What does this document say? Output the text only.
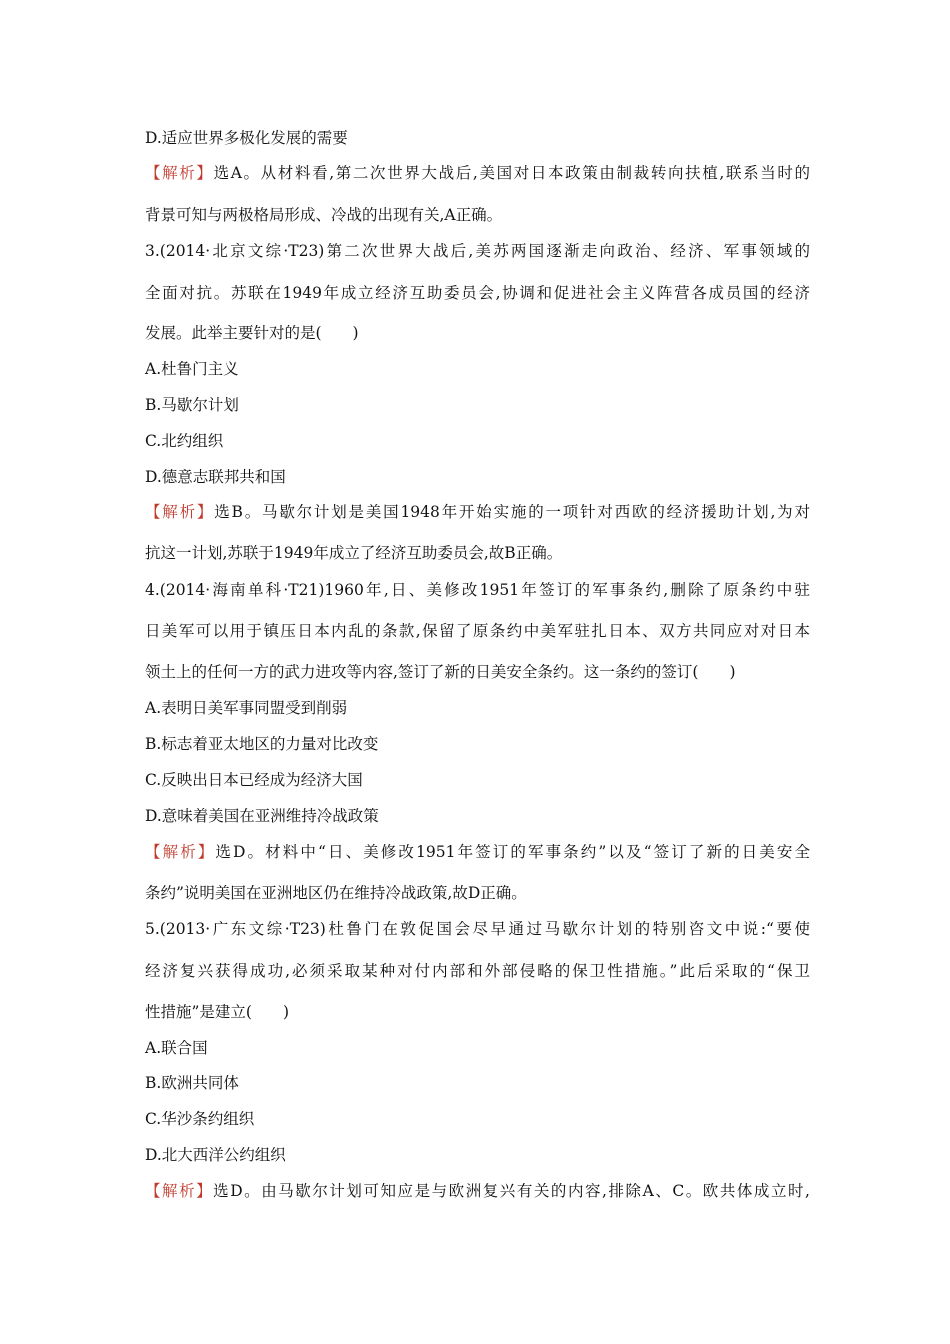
D.适应世界多极化发展的需要
【解析】选A。从材料看,第二次世界大战后,美国对日本政策由制裁转向扶植,联系当时的
背景可知与两极格局形成、冷战的出现有关,A正确。
3.(2014·北京文综·T23)第二次世界大战后,美苏两国逐渐走向政治、经济、军事领域的
全面对抗。苏联在1949年成立经济互助委员会,协调和促进社会主义阵营各成员国的经济
发展。此举主要针对的是(　　)
A.杜鲁门主义
B.马歇尔计划
C.北约组织
D.德意志联邦共和国
【解析】选B。马歇尔计划是美国1948年开始实施的一项针对西欧的经济援助计划,为对
抗这一计划,苏联于1949年成立了经济互助委员会,故B正确。
4.(2014·海南单科·T21)1960年,日、美修改1951年签订的军事条约,删除了原条约中驻
日美军可以用于镇压日本内乱的条款,保留了原条约中美军驻扎日本、双方共同应对对日本
领土上的任何一方的武力进攻等内容,签订了新的日美安全条约。这一条约的签订(　　)
A.表明日美军事同盟受到削弱
B.标志着亚太地区的力量对比改变
C.反映出日本已经成为经济大国
D.意味着美国在亚洲维持冷战政策
【解析】选D。材料中“日、美修改1951年签订的军事条约”以及“签订了新的日美安全
条约”说明美国在亚洲地区仍在维持冷战政策,故D正确。
5.(2013·广东文综·T23)杜鲁门在敦促国会尽早通过马歇尔计划的特别咨文中说:“要使
经济复兴获得成功,必须采取某种对付内部和外部侵略的保卫性措施。”此后采取的“保卫
性措施”是建立(　　)
A.联合国
B.欧洲共同体
C.华沙条约组织
D.北大西洋公约组织
【解析】选D。由马歇尔计划可知应是与欧洲复兴有关的内容,排除A、C。欧共体成立时,
